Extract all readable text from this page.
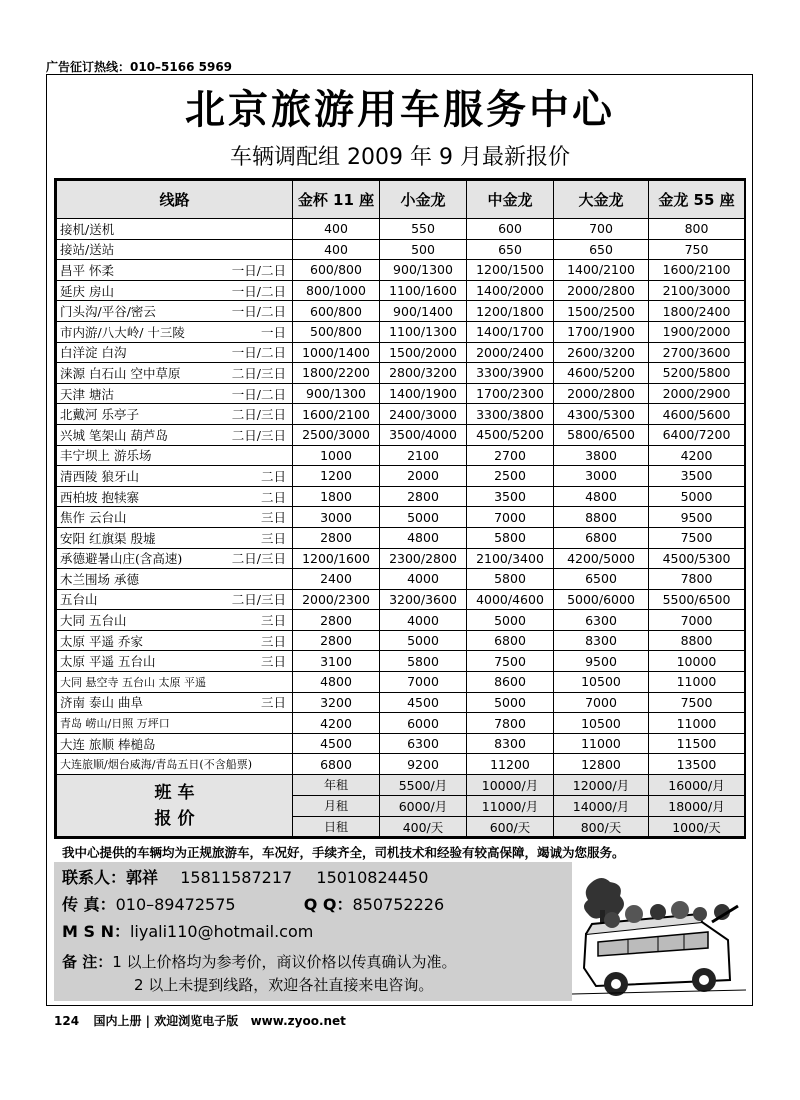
广告征订热线：010–5166 5969
北京旅游用车服务中心
车辆调配组 2009 年 9 月最新报价
线路	金杯 11 座	小金龙	中金龙	大金龙	金龙 55 座	

接机/送机	400	550	600	700	800	

接站/送站	400	500	650	650	750	

昌平 怀柔 一日/二日	600/800	900/1300	1200/1500	1400/2100	1600/2100	

延庆 房山 一日/二日	800/1000	1100/1600	1400/2000	2000/2800	2100/3000	

门头沟/平谷/密云 一日/二日	600/800	900/1400	1200/1800	1500/2500	1800/2400	

市内游/八大岭/ 十三陵 一日	500/800	1100/1300	1400/1700	1700/1900	1900/2000	

白洋淀 白沟 一日/二日	1000/1400	1500/2000	2000/2400	2600/3200	2700/3600	

涞源 白石山 空中草原 二日/三日	1800/2200	2800/3200	3300/3900	4600/5200	5200/5800	

天津 塘沽 一日/二日	900/1300	1400/1900	1700/2300	2000/2800	2000/2900	

北戴河 乐亭子 二日/三日	1600/2100	2400/3000	3300/3800	4300/5300	4600/5600	

兴城 笔架山 葫芦岛 二日/三日	2500/3000	3500/4000	4500/5200	5800/6500	6400/7200	

丰宁坝上 游乐场	1000	2100	2700	3800	4200	

清西陵 狼牙山 二日	1200	2000	2500	3000	3500	

西柏坡 抱犊寨 二日	1800	2800	3500	4800	5000	

焦作 云台山 三日	3000	5000	7000	8800	9500	

安阳 红旗渠 殷墟 三日	2800	4800	5800	6800	7500	

承德避暑山庄(含高速) 二日/三日	1200/1600	2300/2800	2100/3400	4200/5000	4500/5300	

木兰围场 承德	2400	4000	5800	6500	7800	

五台山 二日/三日	2000/2300	3200/3600	4000/4600	5000/6000	5500/6500	

大同 五台山 三日	2800	4000	5000	6300	7000	

太原 平遥 乔家 三日	2800	5000	6800	8300	8800	

太原 平遥 五台山 三日	3100	5800	7500	9500	10000	

大同 悬空寺 五台山 太原 平遥	4800	7000	8600	10500	11000	

济南 泰山 曲阜 三日	3200	4500	5000	7000	7500	

青岛 崂山/日照 万坪口	4200	6000	7800	10500	11000	

大连 旅顺 棒槌岛	4500	6300	8300	11000	11500	

大连旅顺/烟台威海/青岛五日(不含船票)	6800	9200	11200	12800	13500	

班 车
报 价	年租	5500/月	10000/月	12000/月	16000/月	
	月租	6000/月	11000/月	14000/月	18000/月	
	日租	400/天	600/天	800/天	1000/天	
我中心提供的车辆均为正规旅游车，车况好，手续齐全，司机技术和经验有较高保障，竭诚为您服务。
联系人：郭祥 15811587217 15010824450
传 真：010–89472575	Q Q：850752226
M S N：liyali110@hotmail.com
备 注：1 以上价格均为参考价，商议价格以传真确认为准。
2 以上未提到线路，欢迎各社直接来电咨询。
124 国内上册 | 欢迎浏览电子版 www.zyoo.net
